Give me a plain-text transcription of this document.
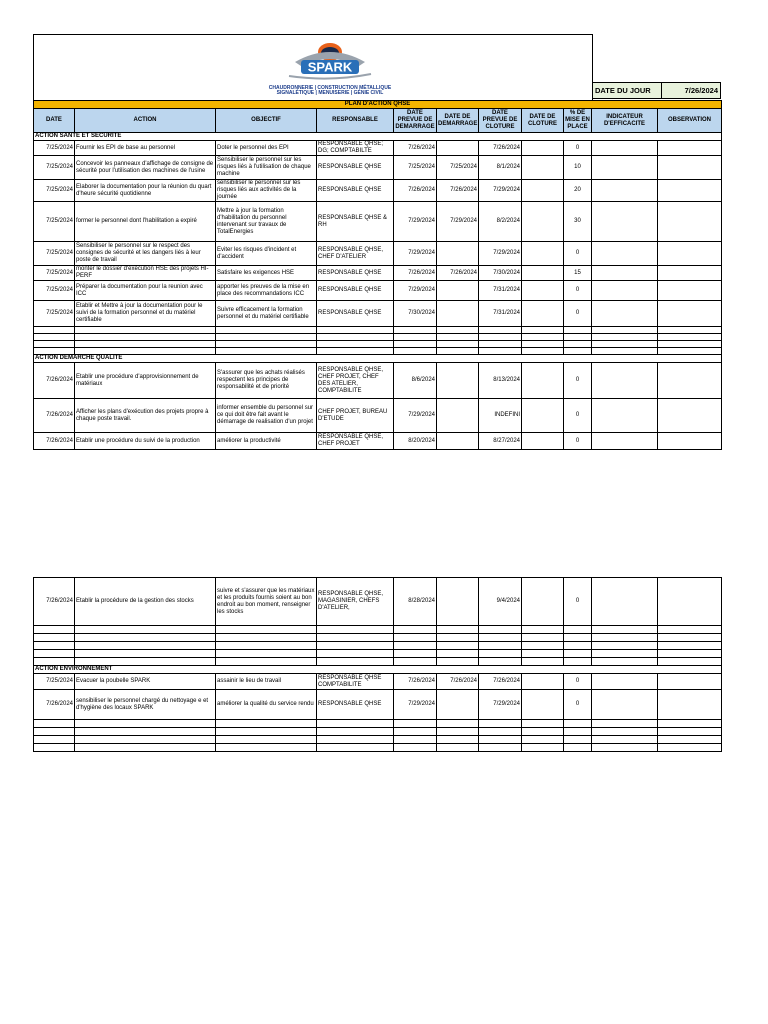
SPARK
CHAUDRONNERIE | CONSTRUCTION MÉTALLIQUE
SIGNALÉTIQUE | MENUISERIE | GÉNIE CIVIL	DATE DU JOUR	7/26/2024
PLAN D'ACTION QHSE										
DATE	ACTION	OBJECTIF	RESPONSABLE	DATE PREVUE DE DEMARRAGE	DATE DE DEMARRAGE	DATE PREVUE DE CLOTURE	DATE DE CLOTURE	% DE MISE EN PLACE	INDICATEUR D'EFFICACITE	OBSERVATION
ACTION SANTE ET SECURITE										
7/25/2024	Fournir les EPI de base au personnel	Doter le personnel des EPI	RESPONSABLE QHSE; DG; COMPTABILTE	7/26/2024		7/26/2024		0		
7/25/2024	Concevoir les panneaux d'affichage de consigne de sécurité pour l'utilisation des machines de l'usine	Sensibiliser le personnel sur les risques liés à l'utilisation de chaque machine	RESPONSABLE QHSE	7/25/2024	7/25/2024	8/1/2024		10		
7/25/2024	Elaborer la documentation pour la réunion du quart d'heure sécurité quotidienne	sensibiliser le personnel sur les risques liés aux activités de la journée	RESPONSABLE QHSE	7/26/2024	7/26/2024	7/29/2024		20		
7/25/2024	former le personnel dont l'habilitation a expiré	Mettre à jour la formation d'habilitation du personnel intervenant sur travaux de TotalEnergies	RESPONSABLE QHSE & RH	7/29/2024	7/29/2024	8/2/2024		30		
7/25/2024	Sensibiliser le personnel sur le respect des consignes de sécurité et les dangers liés à leur poste de travail	Eviter les risques d'incident et d'accident	RESPONSABLE QHSE, CHEF D'ATELIER	7/29/2024		7/29/2024		0		
7/25/2024	monter le dossier d'exécution HSE des projets HI- PERF	Satisfaire les exigences HSE	RESPONSABLE QHSE	7/26/2024	7/26/2024	7/30/2024		15		
7/25/2024	Préparer la documentation pour la reunion avec ICC	apporter les preuves de la mise en place des recommandations ICC	RESPONSABLE QHSE	7/29/2024		7/31/2024		0		
7/25/2024	Etablir et Mettre à jour la documentation pour le suivi de la formation personnel et du matériel certifiable	Suivre efficacement la formation personnel et du matériel certifiable	RESPONSABLE QHSE	7/30/2024		7/31/2024		0		

ACTION DEMARCHE QUALITE										
7/26/2024	Etablir une procédure d'approvisionnement de matériaux	S'assurer que les achats réalisés respectent les principes de responsabilité et de priorité	RESPONSABLE QHSE, CHEF PROJET, CHEF DES ATELIER, COMPTABILITE	8/6/2024		8/13/2024		0		
7/26/2024	Afficher les plans d'exécution des projets propre à chaque poste travail.	informer ensemble du personnel sur ce qui doit être fait avant le démarrage de realisation d'un projet	CHEF PROJET, BUREAU D'ETUDE	7/29/2024		INDEFINI		0		
7/26/2024	Etablir une procédure du suivi de la production	améliorer la productivité	RESPONSABLE QHSE, CHEF PROJET	8/20/2024		8/27/2024		0		
7/26/2024	Etablir la procédure de la gestion des stocks	suivre et s'assurer que les matériaux et les produits fournis soient au bon endroit au bon moment, renseigner les stocks	RESPONSABLE QHSE, MAGASINIER, CHEFS D'ATELIER,	8/28/2024		9/4/2024		0		

ACTION ENVIRONNEMENT										
7/25/2024	Evacuer la poubelle SPARK	assainir le lieu de travail	RESPONSABLE QHSE COMPTABILITE	7/26/2024	7/26/2024	7/26/2024		0		
7/26/2024	sensibiliser le personnel chargé du nettoyage e et d'hygiène des locaux SPARK	améliorer la qualité du service rendu	RESPONSABLE QHSE	7/29/2024		7/29/2024		0		
